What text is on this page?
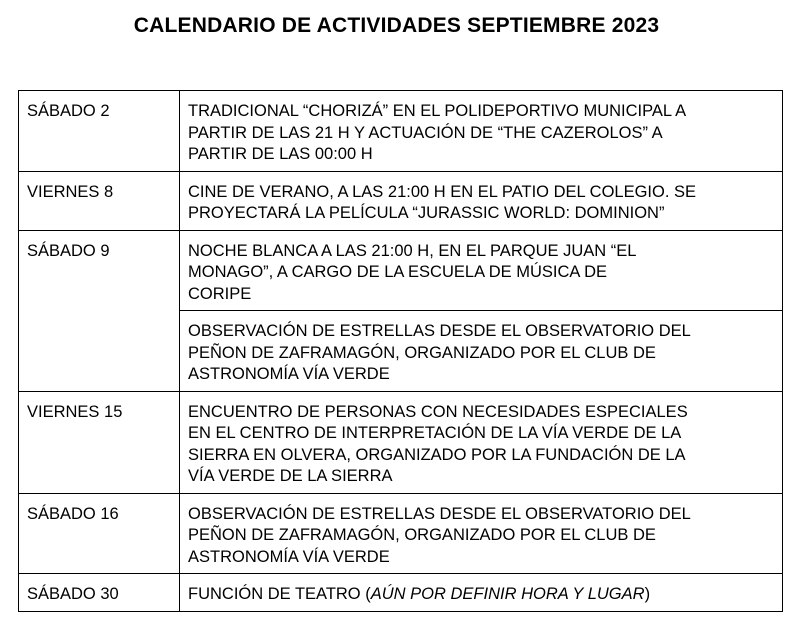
CALENDARIO DE ACTIVIDADES SEPTIEMBRE 2023
SÁBADO 2	TRADICIONAL “CHORIZÁ” EN EL POLIDEPORTIVO MUNICIPAL A
PARTIR DE LAS 21 H Y ACTUACIÓN DE “THE CAZEROLOS” A
PARTIR DE LAS 00:00 H

VIERNES 8	CINE DE VERANO, A LAS 21:00 H EN EL PATIO DEL COLEGIO. SE
PROYECTARÁ LA PELÍCULA “JURASSIC WORLD: DOMINION”

SÁBADO 9	NOCHE BLANCA A LAS 21:00 H, EN EL PARQUE JUAN “EL
MONAGO”, A CARGO DE LA ESCUELA DE MÚSICA DE
CORIPE

	OBSERVACIÓN DE ESTRELLAS DESDE EL OBSERVATORIO DEL
PEÑON DE ZAFRAMAGÓN, ORGANIZADO POR EL CLUB DE
ASTRONOMÍA VÍA VERDE

VIERNES 15	ENCUENTRO DE PERSONAS CON NECESIDADES ESPECIALES
EN EL CENTRO DE INTERPRETACIÓN DE LA VÍA VERDE DE LA
SIERRA EN OLVERA, ORGANIZADO POR LA FUNDACIÓN DE LA
VÍA VERDE DE LA SIERRA

SÁBADO 16	OBSERVACIÓN DE ESTRELLAS DESDE EL OBSERVATORIO DEL
PEÑON DE ZAFRAMAGÓN, ORGANIZADO POR EL CLUB DE
ASTRONOMÍA VÍA VERDE

SÁBADO 30	FUNCIÓN DE TEATRO (AÚN POR DEFINIR HORA Y LUGAR)
